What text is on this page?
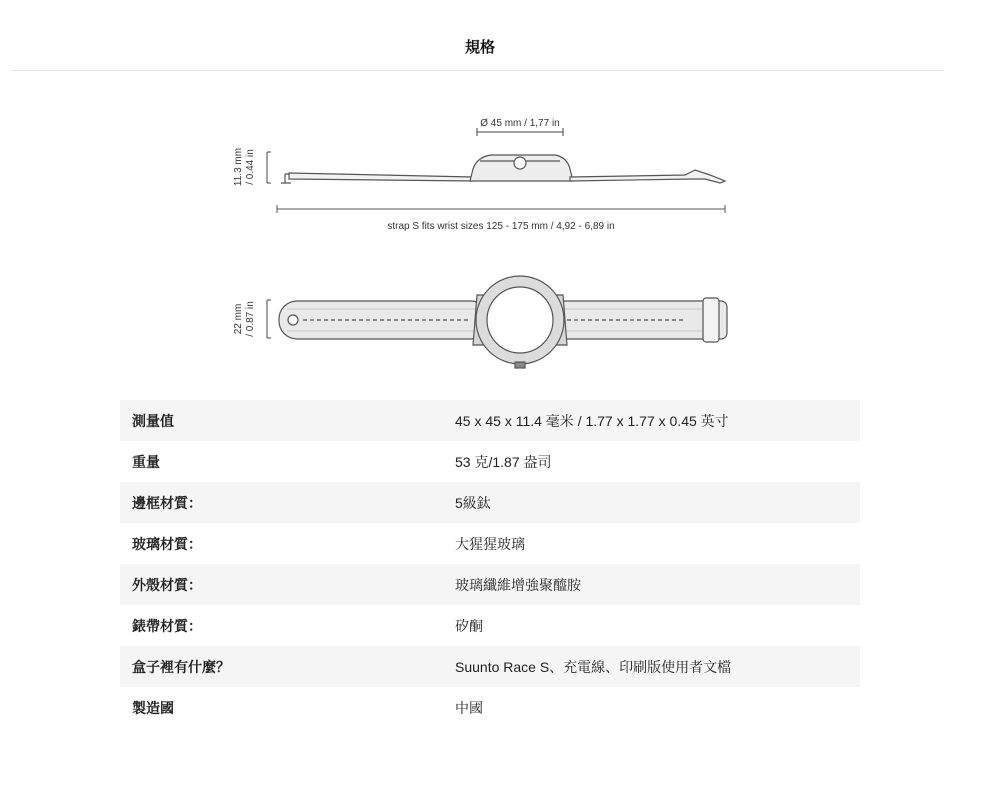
規格
Ø 45 mm / 1,77 in
11.3 mm / 0.44 in
strap S fits wrist sizes 125 - 175 mm / 4,92 - 6,89 in
22 mm / 0.87 in
測量值	45 x 45 x 11.4 毫米 / 1.77 x 1.77 x 0.45 英寸
重量	53 克/1.87 盎司
邊框材質：	5級鈦
玻璃材質：	大猩猩玻璃
外殼材質：	玻璃纖維增強聚醯胺
錶帶材質：	矽酮
盒子裡有什麼？	Suunto Race S、充電線、印刷版使用者文檔
製造國	中國
